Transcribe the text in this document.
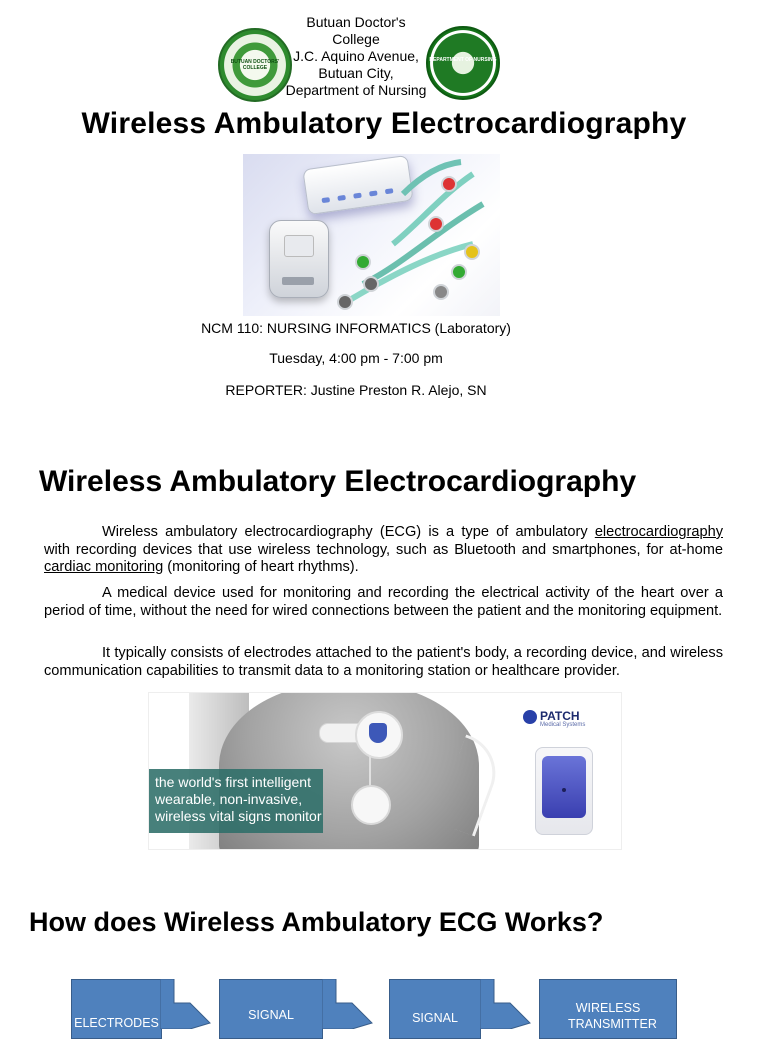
BUTUAN DOCTORS' COLLEGE
DEPARTMENT OF NURSING
Butuan Doctor's
College
J.C. Aquino Avenue,
Butuan City,
Department of Nursing
Wireless Ambulatory Electrocardiography
NCM 110: NURSING INFORMATICS (Laboratory)
Tuesday, 4:00 pm - 7:00 pm
REPORTER: Justine Preston R. Alejo, SN
Wireless Ambulatory Electrocardiography

Wireless ambulatory electrocardiography (ECG) is a type of ambulatory electrocardiography with recording devices that use wireless technology, such as Bluetooth and smartphones, for at-home cardiac monitoring (monitoring of heart rhythms).

A medical device used for monitoring and recording the electrical activity of the heart over a period of time, without the need for wired connections between the patient and the monitoring equipment.

It typically consists of electrodes attached to the patient's body, a recording device, and wireless communication capabilities to transmit data to a monitoring station or healthcare provider.

the world's first intelligent
wearable, non-invasive,
wireless vital signs monitor
PATCH
Medical Systems
How does Wireless Ambulatory ECG Works?
ELECTRODES
SIGNAL	SIGNAL
WIRELESS TRANSMITTER
